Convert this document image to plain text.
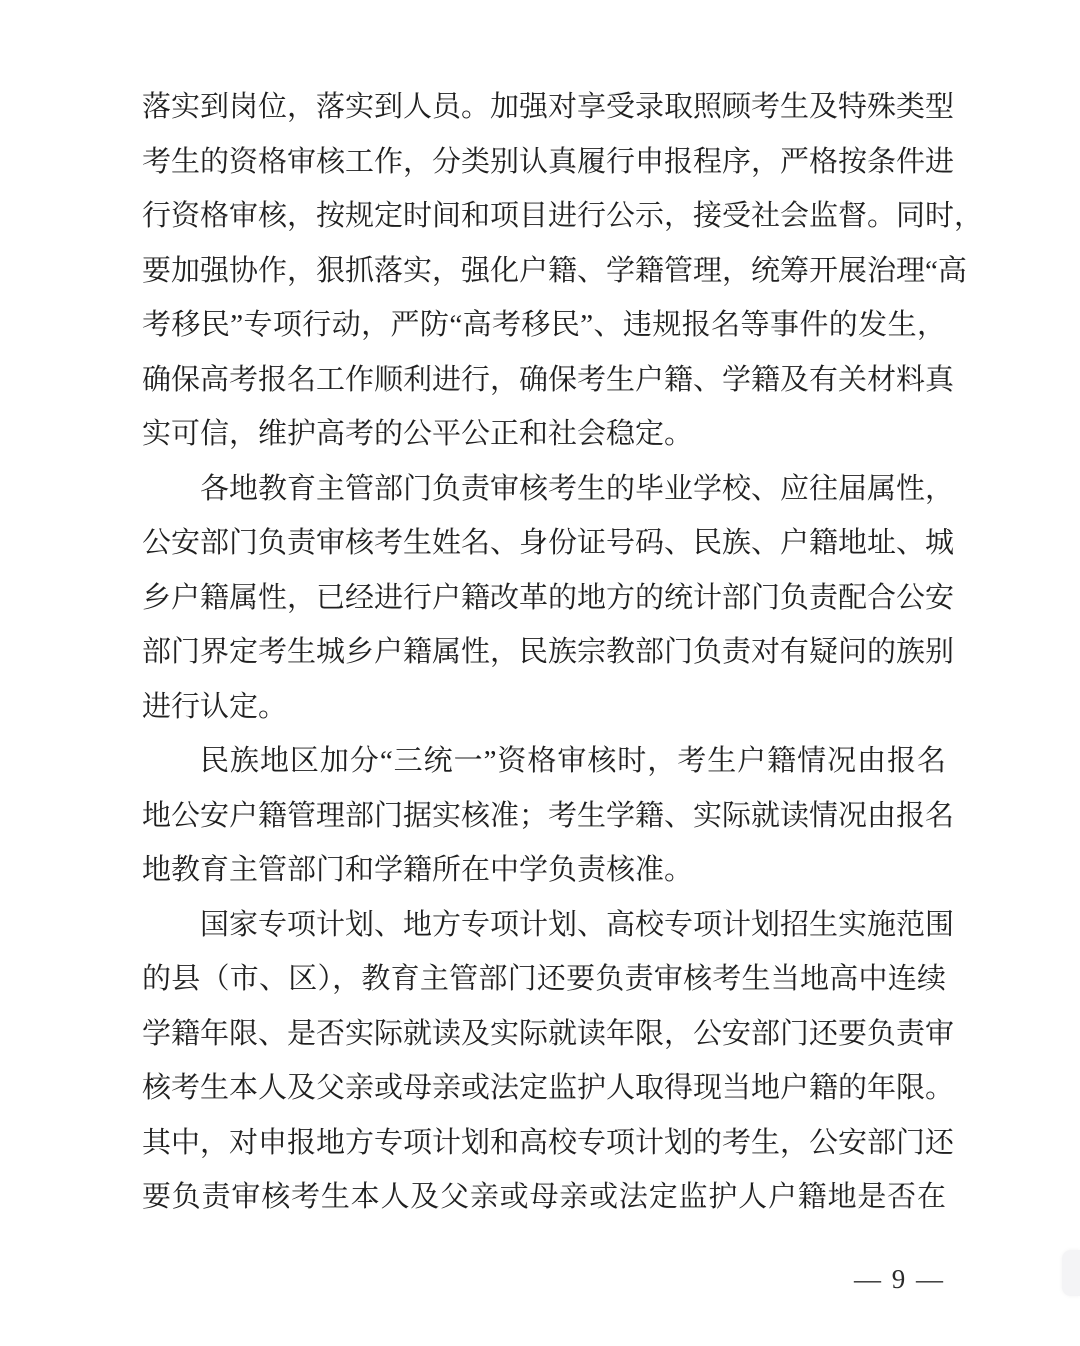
落实到岗位，落实到人员。加强对享受录取照顾考生及特殊类型
考生的资格审核工作，分类别认真履行申报程序，严格按条件进
行资格审核，按规定时间和项目进行公示，接受社会监督。同时，
要加强协作，狠抓落实，强化户籍、学籍管理，统筹开展治理“高
考移民”专项行动，严防“高考移民”、违规报名等事件的发生，
确保高考报名工作顺利进行，确保考生户籍、学籍及有关材料真
实可信，维护高考的公平公正和社会稳定。
各地教育主管部门负责审核考生的毕业学校、应往届属性，
公安部门负责审核考生姓名、身份证号码、民族、户籍地址、城
乡户籍属性，已经进行户籍改革的地方的统计部门负责配合公安
部门界定考生城乡户籍属性，民族宗教部门负责对有疑问的族别
进行认定。
民族地区加分“三统一”资格审核时，考生户籍情况由报名
地公安户籍管理部门据实核准；考生学籍、实际就读情况由报名
地教育主管部门和学籍所在中学负责核准。
国家专项计划、地方专项计划、高校专项计划招生实施范围
的县（市、区），教育主管部门还要负责审核考生当地高中连续
学籍年限、是否实际就读及实际就读年限，公安部门还要负责审
核考生本人及父亲或母亲或法定监护人取得现当地户籍的年限。
其中，对申报地方专项计划和高校专项计划的考生，公安部门还
要负责审核考生本人及父亲或母亲或法定监护人户籍地是否在
— 9 —
